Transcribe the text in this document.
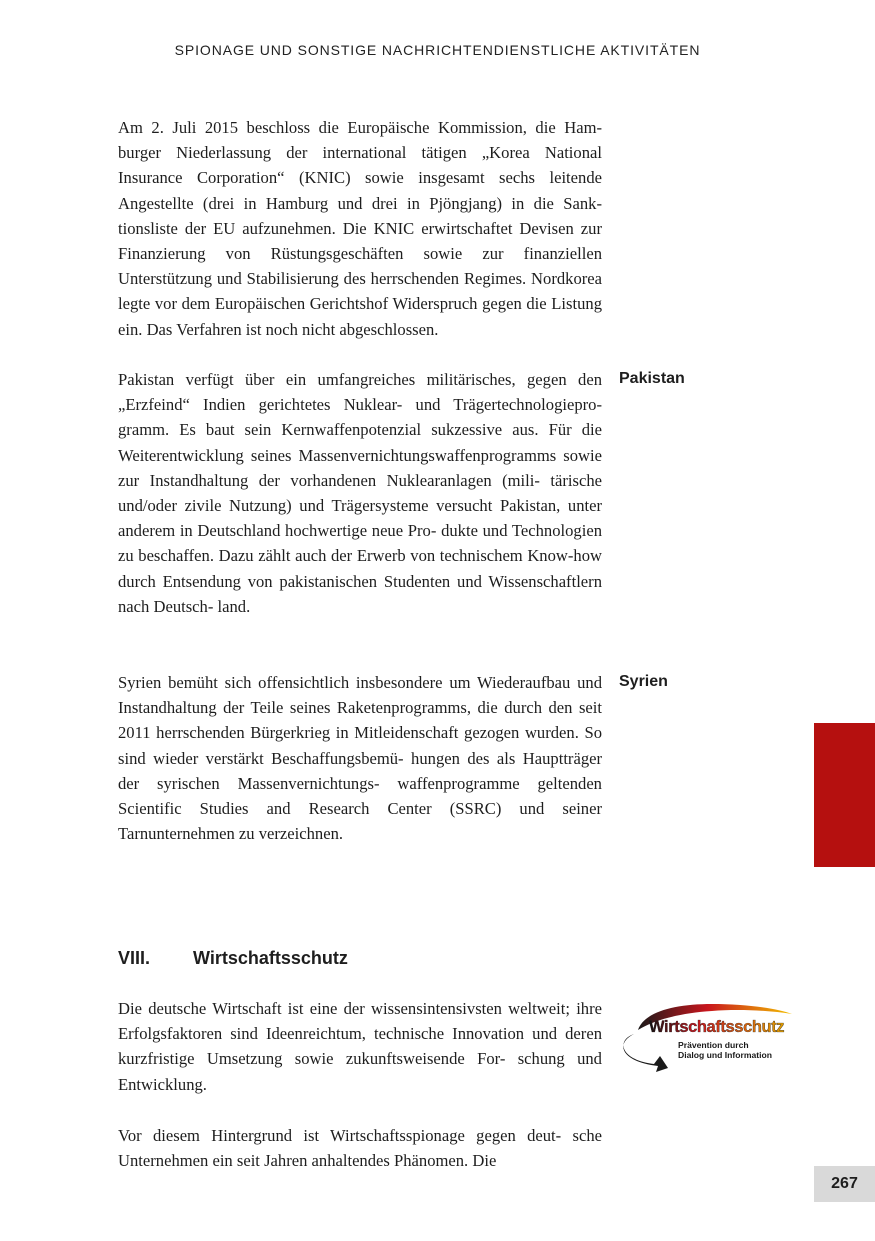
SPIONAGE UND SONSTIGE NACHRICHTENDIENSTLICHE AKTIVITÄTEN

Am 2. Juli 2015 beschloss die Europäische Kommission, die Ham- burger Niederlassung der international tätigen „Korea National Insurance Corporation“ (KNIC) sowie insgesamt sechs leitende Angestellte (drei in Hamburg und drei in Pjöngjang) in die Sank- tionsliste der EU aufzunehmen. Die KNIC erwirtschaftet Devisen zur Finanzierung von Rüstungsgeschäften sowie zur finanziellen Unterstützung und Stabilisierung des herrschenden Regimes. Nordkorea legte vor dem Europäischen Gerichtshof Widerspruch gegen die Listung ein. Das Verfahren ist noch nicht abgeschlossen.

Pakistan verfügt über ein umfangreiches militärisches, gegen den „Erzfeind“ Indien gerichtetes Nuklear- und Trägertechnologiepro- gramm. Es baut sein Kernwaffenpotenzial sukzessive aus. Für die Weiterentwicklung seines Massenvernichtungswaffenprogramms sowie zur Instandhaltung der vorhandenen Nuklearanlagen (mili- tärische und/oder zivile Nutzung) und Trägersysteme versucht Pakistan, unter anderem in Deutschland hochwertige neue Pro- dukte und Technologien zu beschaffen. Dazu zählt auch der Erwerb von technischem Know-how durch Entsendung von pakistanischen Studenten und Wissenschaftlern nach Deutsch- land.

Pakistan

Syrien bemüht sich offensichtlich insbesondere um Wiederaufbau und Instandhaltung der Teile seines Raketenprogramms, die durch den seit 2011 herrschenden Bürgerkrieg in Mitleidenschaft gezogen wurden. So sind wieder verstärkt Beschaffungsbemü- hungen des als Hauptträger der syrischen Massenvernichtungs- waffenprogramme geltenden Scientific Studies and Research Center (SSRC) und seiner Tarnunternehmen zu verzeichnen.

Syrien
VIII.	Wirtschaftsschutz

Die deutsche Wirtschaft ist eine der wissensintensivsten weltweit; ihre Erfolgsfaktoren sind Ideenreichtum, technische Innovation und deren kurzfristige Umsetzung sowie zukunftsweisende For- schung und Entwicklung.

Vor diesem Hintergrund ist Wirtschaftsspionage gegen deut- sche Unternehmen ein seit Jahren anhaltendes Phänomen. Die

Wirtschaftsschutz
Prävention durch
Dialog und Information
267
